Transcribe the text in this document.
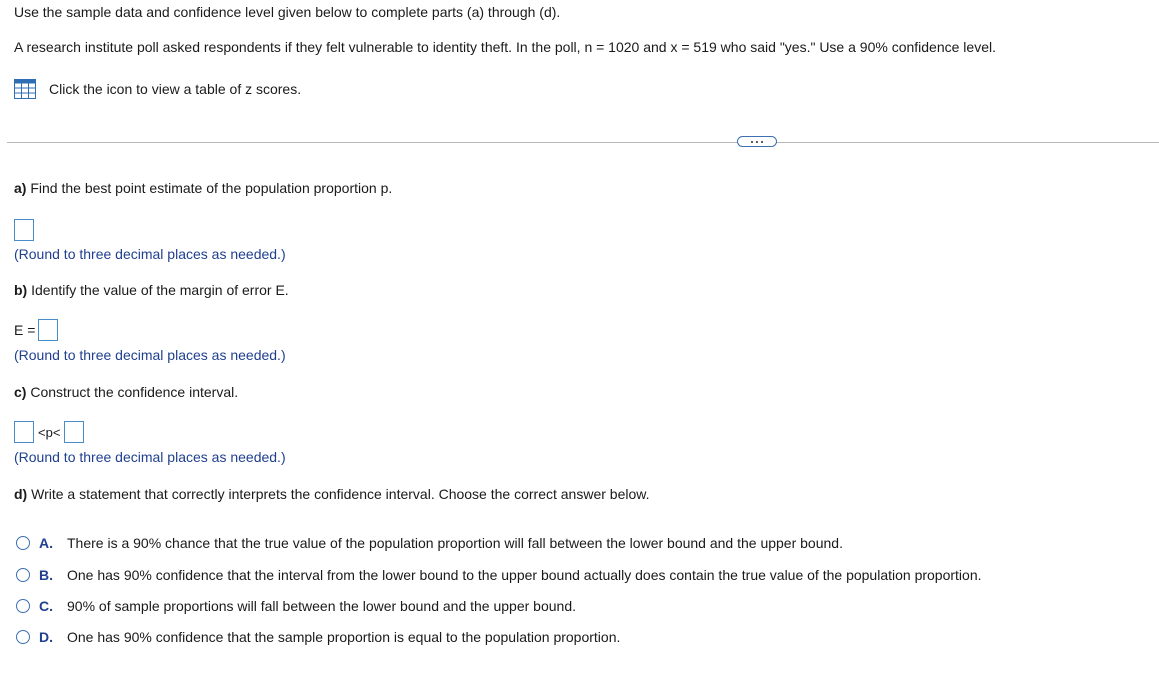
Use the sample data and confidence level given below to complete parts (a) through (d).
A research institute poll asked respondents if they felt vulnerable to identity theft. In the poll, n = 1020 and x = 519 who said "yes." Use a 90% confidence level.
Click the icon to view a table of z scores.
a) Find the best point estimate of the population proportion p.
(Round to three decimal places as needed.)
b) Identify the value of the margin of error E.
E =
(Round to three decimal places as needed.)
c) Construct the confidence interval.
<p<
(Round to three decimal places as needed.)
d) Write a statement that correctly interprets the confidence interval. Choose the correct answer below.
A.	There is a 90% chance that the true value of the population proportion will fall between the lower bound and the upper bound.
B.	One has 90% confidence that the interval from the lower bound to the upper bound actually does contain the true value of the population proportion.
C.	90% of sample proportions will fall between the lower bound and the upper bound.
D.	One has 90% confidence that the sample proportion is equal to the population proportion.
